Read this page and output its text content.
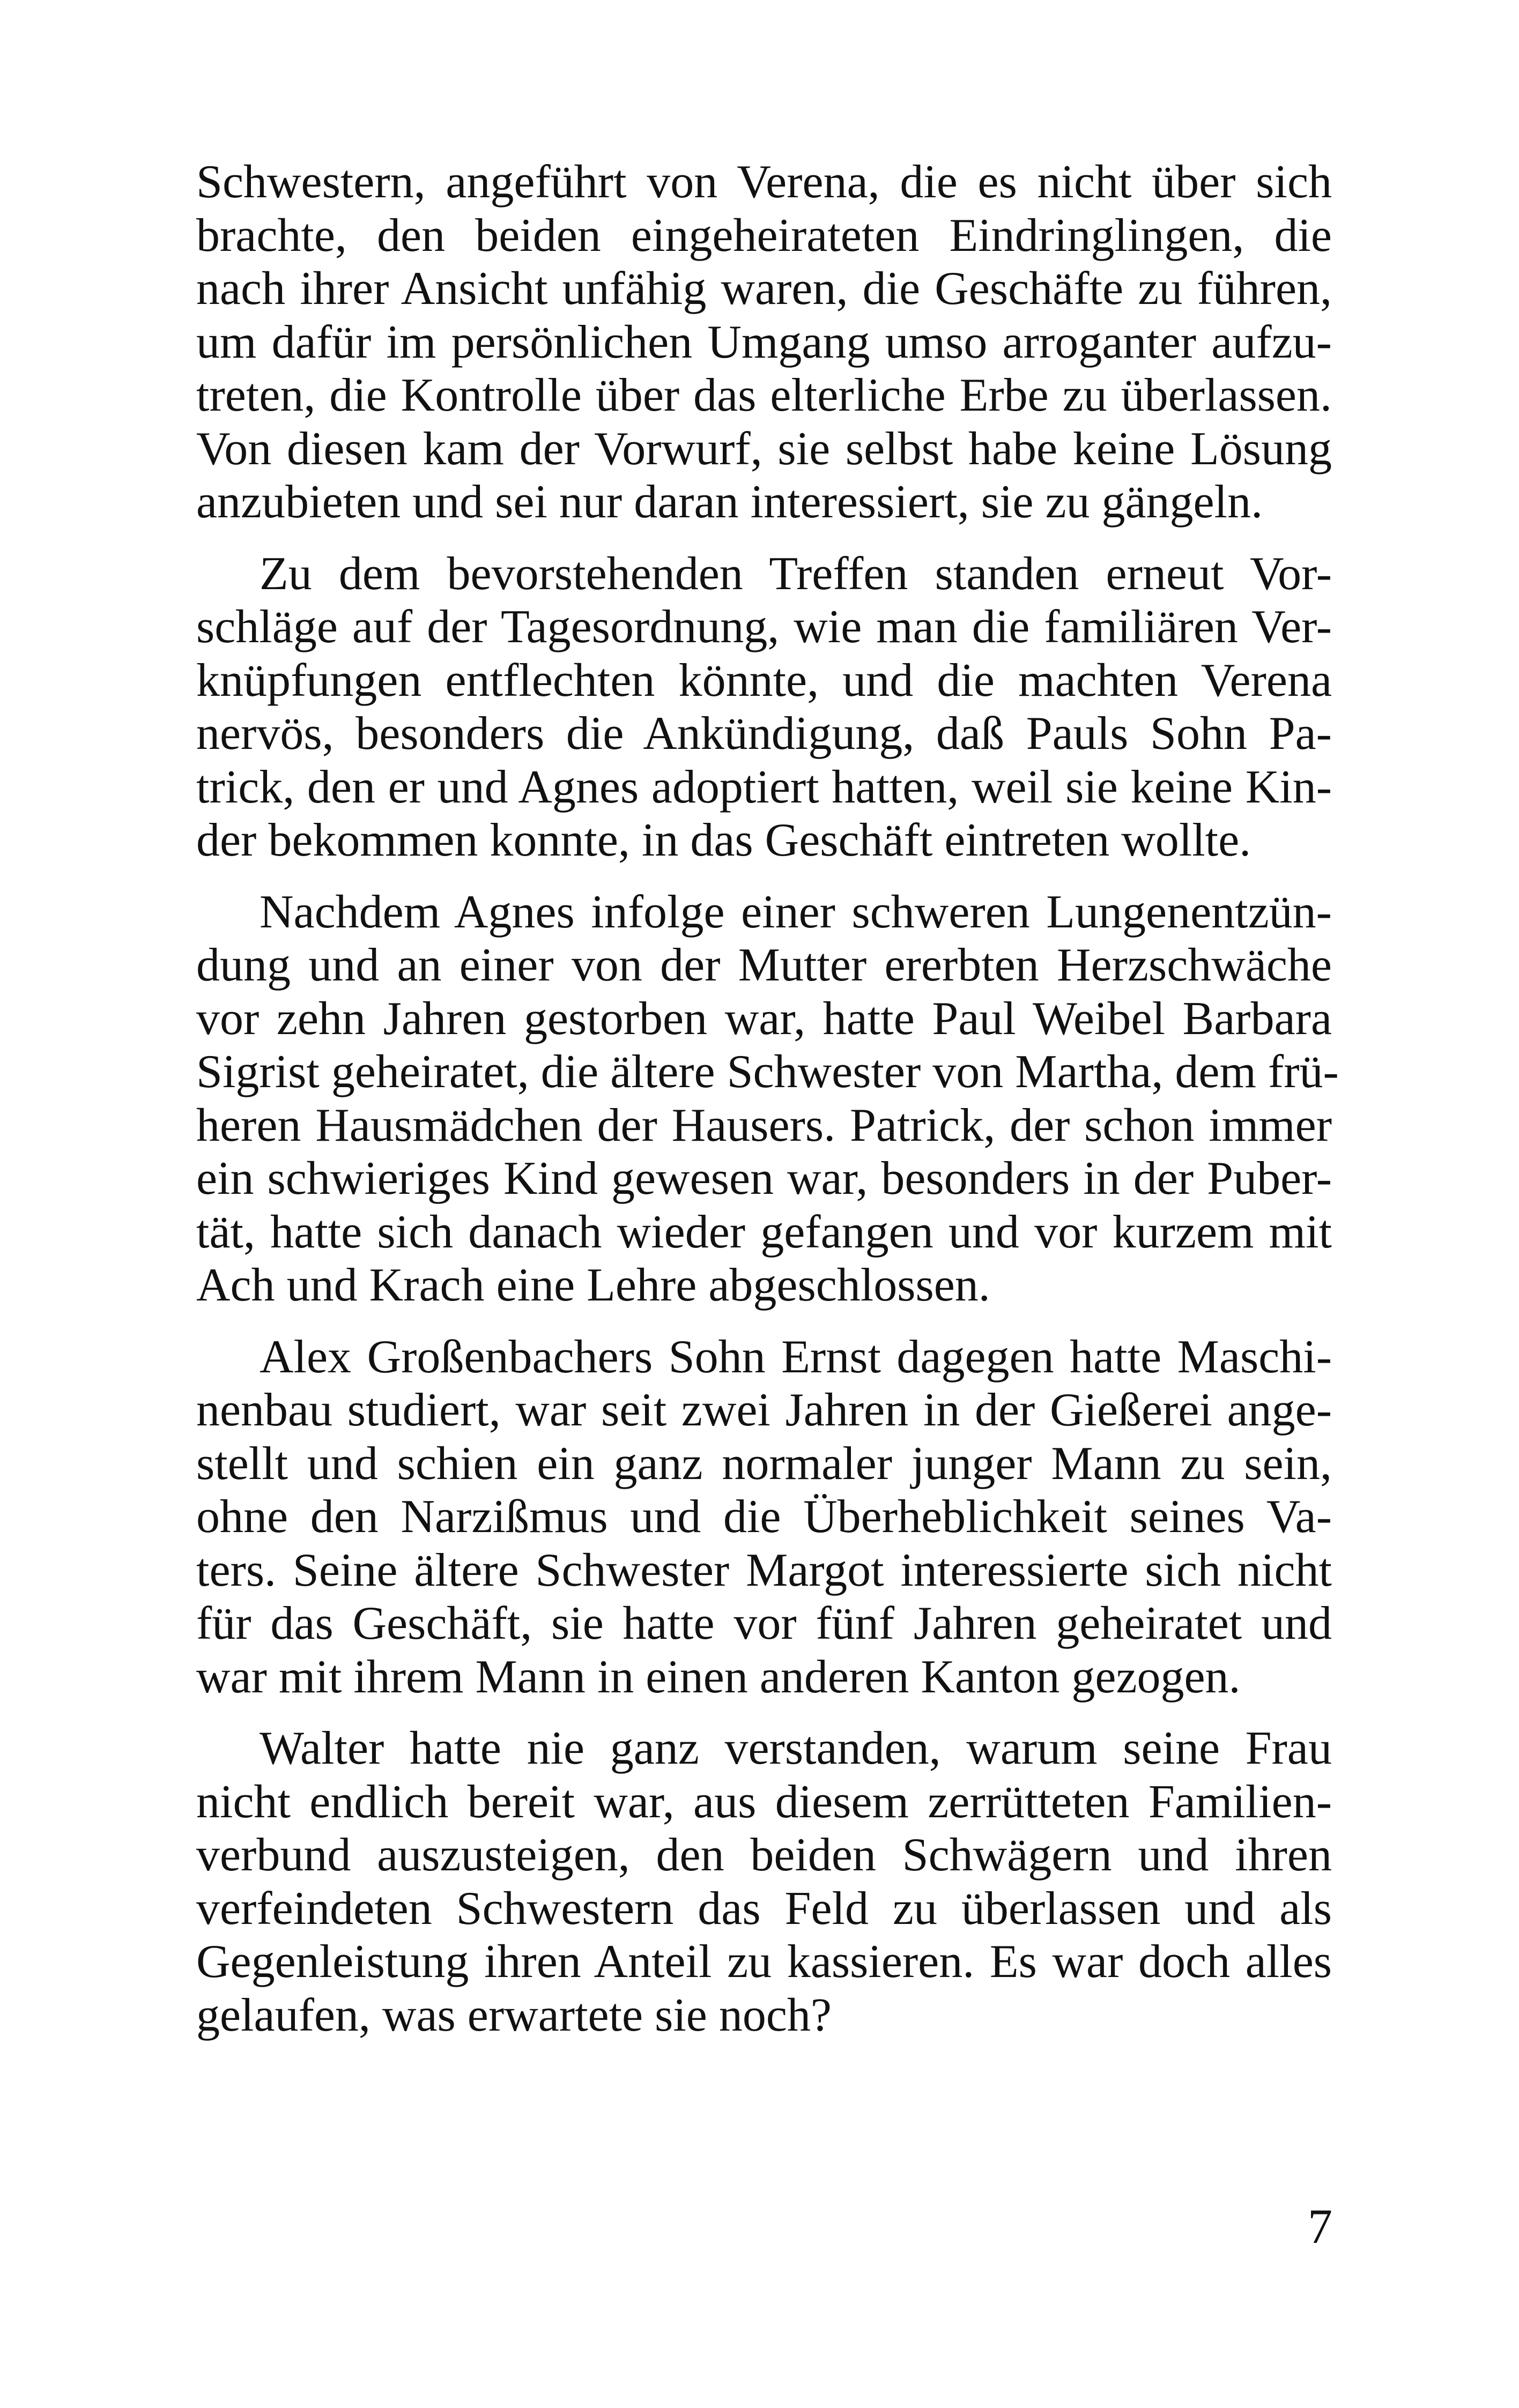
Schwestern, angeführt von Verena, die es nicht über sich
brachte, den beiden eingeheirateten Eindringlingen, die
nach ihrer Ansicht unfähig waren, die Geschäfte zu führen,
um dafür im persönlichen Umgang umso arroganter aufzu-
treten, die Kontrolle über das elterliche Erbe zu überlassen.
Von diesen kam der Vorwurf, sie selbst habe keine Lösung
anzubieten und sei nur daran interessiert, sie zu gängeln.
Zu dem bevorstehenden Treffen standen erneut Vor-
schläge auf der Tagesordnung, wie man die familiären Ver-
knüpfungen entflechten könnte, und die machten Verena
nervös, besonders die Ankündigung, daß Pauls Sohn Pa-
trick, den er und Agnes adoptiert hatten, weil sie keine Kin-
der bekommen konnte, in das Geschäft eintreten wollte.
Nachdem Agnes infolge einer schweren Lungenentzün-
dung und an einer von der Mutter ererbten Herzschwäche
vor zehn Jahren gestorben war, hatte Paul Weibel Barbara
Sigrist geheiratet, die ältere Schwester von Martha, dem frü-
heren Hausmädchen der Hausers. Patrick, der schon immer
ein schwieriges Kind gewesen war, besonders in der Puber-
tät, hatte sich danach wieder gefangen und vor kurzem mit
Ach und Krach eine Lehre abgeschlossen.
Alex Großenbachers Sohn Ernst dagegen hatte Maschi-
nenbau studiert, war seit zwei Jahren in der Gießerei ange-
stellt und schien ein ganz normaler junger Mann zu sein,
ohne den Narzißmus und die Überheblichkeit seines Va-
ters. Seine ältere Schwester Margot interessierte sich nicht
für das Geschäft, sie hatte vor fünf Jahren geheiratet und
war mit ihrem Mann in einen anderen Kanton gezogen.
Walter hatte nie ganz verstanden, warum seine Frau
nicht endlich bereit war, aus diesem zerrütteten Familien-
verbund auszusteigen, den beiden Schwägern und ihren
verfeindeten Schwestern das Feld zu überlassen und als
Gegenleistung ihren Anteil zu kassieren. Es war doch alles
gelaufen, was erwartete sie noch?
7
